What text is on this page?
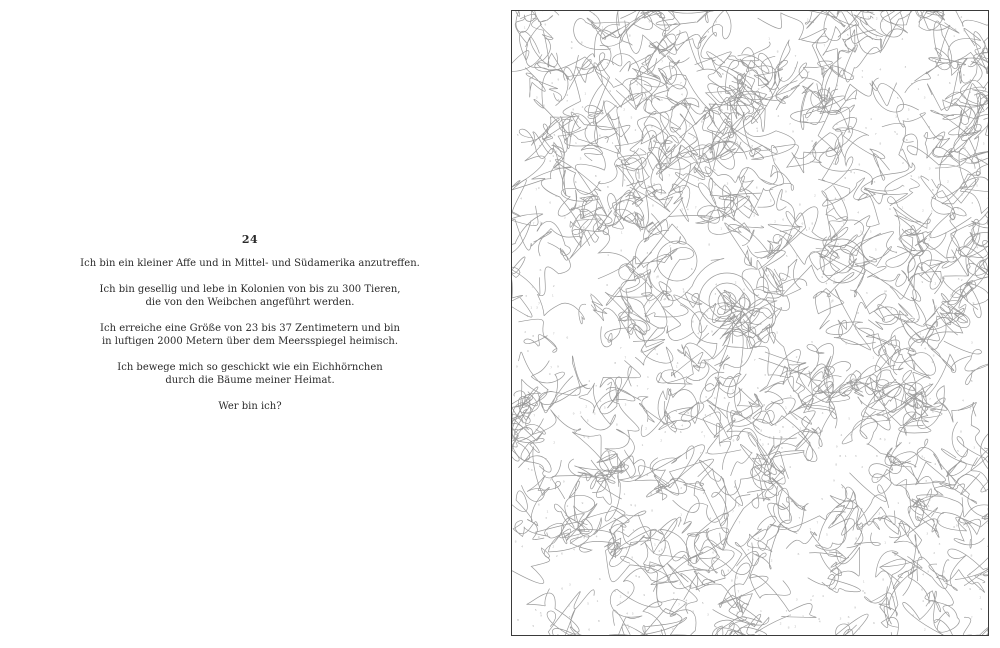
24

Ich bin ein kleiner Affe und in Mittel- und Südamerika anzutreffen.

Ich bin gesellig und lebe in Kolonien von bis zu 300 Tieren,
die von den Weibchen angeführt werden.

Ich erreiche eine Größe von 23 bis 37 Zentimetern und bin
in luftigen 2000 Metern über dem Meersspiegel heimisch.

Ich bewege mich so geschickt wie ein Eichhörnchen
durch die Bäume meiner Heimat.

Wer bin ich?

7
3
2
8
7
3
8
8
8
1
1
2
8
4
5
3
3
9
7
9
9
4
5
7
5
3
4
4
6
4
3
6
8
4
6
9
9
8
1
2
5
5
5
9
3
9
4
8
9
9
4
6
1
2
4
9
5
3
8
5
6
8
4
8
4
6
9
6
3
3
9
7
1
4
1
6
3
7
1
9
7
8
6
6
1
5
4
1
9
4
9
1
9
2
1
2
8
4
4
2
2
8
5
7
7
2
2
4
2
9
1
9
2
9
7
1
3
7
9
3
3
1
4
4
7
6
6
1
4
1
4
9
9
9
4
6
9
1
2
7
3
1
5
2
3
5
1
4
9
2
4
2
7
6
3
1
4
6
4
8
5
8
3
2
8
9
7
6
1
5
4
9
8
3
8
8
7
9
8
8	5
1
9
7
7
4
1
2
2
5
6
7
5
3
3
3
4
1
9
2
4
8
1
4
3
1
3
4
6
5
5
8
2
8
2
6
6
6
9
2
5
6
7
3
7
4
9
5
6
8
3
6
2
3
5
3
8
7
3
1
4
6
3
7
4
7
1
9
6
7
4
3
7
2
9
5
4
8
3
3
2
3
2
3
8
4
3
1
9
5
2
3
3
6
6
8
5
2
3
2
3
9
7
9
2
6
7
1
9
7
9
9
2
1
9
4
6
2
5
9
9
9
3
4
7
8
8
4
8
5
9
5
6
7
3
5
1
2
4
1
6
5
1
7
1
3
9
3
9
3
6
4
1
1
8
7
1
5
3
8
6
1
5
4
3
4
3
3
8
3
2
9
8
4
1
2
1
4
4
5
2
8
8
7
8
5
3
5
6
9
2
4
3
1
2
2
4
3
2
5
7
3
6
9
9
8
2
3
6
6
7
2
6
3
7
2
3	4
8
2
6
7
8
5
1
8
4
2
4
6
2
6
2
5
7
5
2
2
8
7
1
4
2
7
5
8
3
3
1
2
9
9
5
9
8
5
4
9
5
6
5
8
7
8
5
2
2
9
1
7
4
6
7
1
2
4
3
9
2
1
3
1
9
3
5
1
3
7
6
5
8
9
2
2
2
6
1
7
1
6
6
7
2
4
8
9
1
6
2
9
5
2
4
5
2
5
1
3
6
4
9
9
6
4
7
1
7
3
1
4
8
7
5
6
4
3
8
3
1
7
6
2
7
7
6
8
8
8
5
1
1
8
9
5
3
4
5
8
9
2
8
6
7
7
8
6
5
7
9
5
7
1
9
8
1
2
4
4
4
8
2
7
1
6
6
6
1
3
7
7
8
5
9
7
2
8
1
2
7
1
6
8
1
8
4
4
9
7
1
4
1
5
3
6
9
8
6
6
4
3
8
3
1
7
5
9
5
5
4
6
5
6
2
7
7
5
5
1
7
8
9
3
3
5
2
9
1
9
1
8
6
9
1
5
7
1
9
8
1
1
3
2
2
6
9
5
8
3
3
3
7
8
3
3
4
9
4
2
6
2
4
5
1
3
8
1
3
9
5
4
1
8
1
4
9
5
2
4
8
6
4
4
2
1
5
8
6
3
1
5
1
9
8
1
9
9
5
1
9
7
